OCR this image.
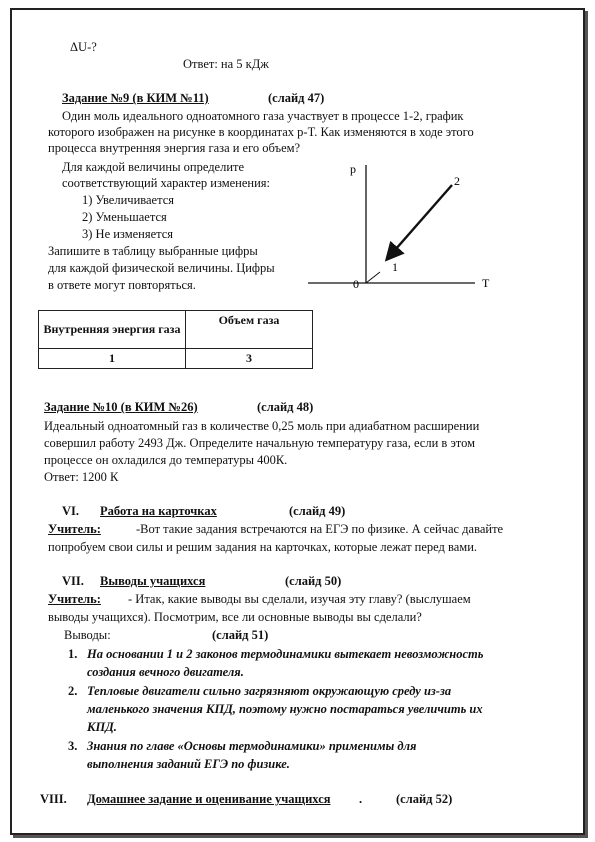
ΔU-?
Ответ: на 5 кДж
Задание №9 (в КИМ №11)	(слайд 47)
Один моль идеального одноатомного газа участвует в процессе 1-2, график
которого изображен на рисунке в координатах p-T. Как изменяются в ходе этого
процесса внутренняя энергия газа и его объем?
Для каждой величины определите
соответствующий характер изменения:
1) Увеличивается
2) Уменьшается
3) Не изменяется
Запишите в таблицу выбранные цифры
для каждой физической величины. Цифры
в ответе могут повторяться.
p
T
0
1
2
Внутренняя энергия газа	Объем газа
1	3
Задание №10 (в КИМ №26)	(слайд 48)
Идеальный одноатомный газ в количестве 0,25 моль при адиабатном расширении
совершил работу 2493 Дж. Определите начальную температуру газа, если в этом
процессе он охладился до температуры 400К.
Ответ: 1200 К
VI. Работа на карточках	(слайд 49)
Учитель:	-Вот такие задания встречаются на ЕГЭ по физике. А сейчас давайте
попробуем свои силы и решим задания на карточках, которые лежат перед вами.
VII. Выводы учащихся	(слайд 50)
Учитель: - Итак, какие выводы вы сделали, изучая эту главу? (выслушаем
выводы учащихся). Посмотрим, все ли основные выводы вы сделали?
Выводы:	(слайд 51)
1. На основании 1 и 2 законов термодинамики вытекает невозможность
создания вечного двигателя.
2. Тепловые двигатели сильно загрязняют окружающую среду из-за
маленького значения КПД, поэтому нужно постараться увеличить их
КПД.
3. Знания по главе «Основы термодинамики» применимы для
выполнения заданий ЕГЭ по физике.
VIII. Домашнее задание и оценивание учащихся .	(слайд 52)
